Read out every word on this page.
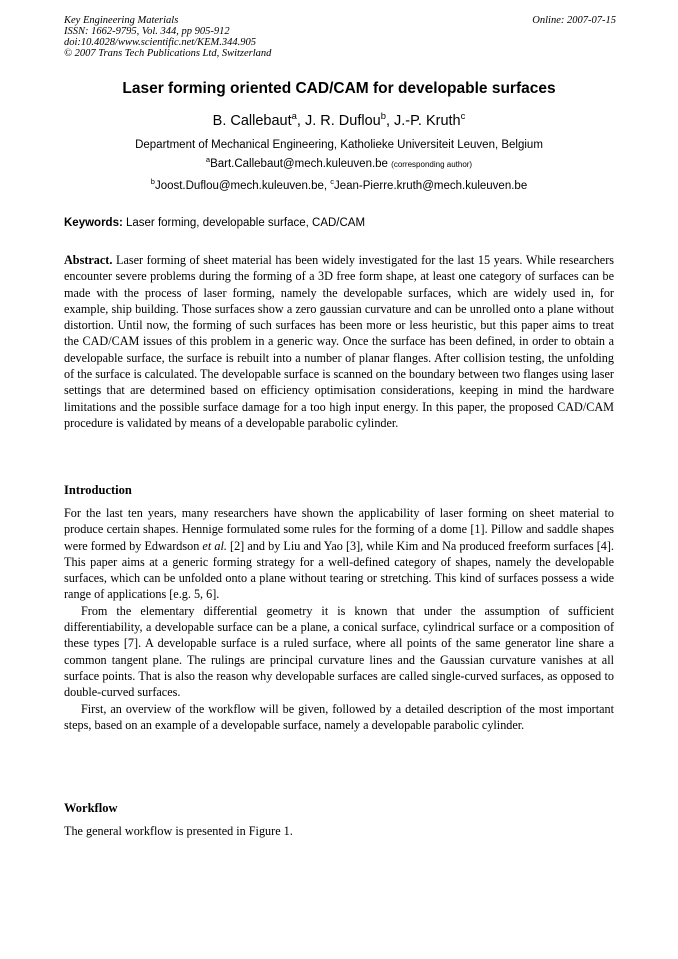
Key Engineering Materials
ISSN: 1662-9795, Vol. 344, pp 905-912
doi:10.4028/www.scientific.net/KEM.344.905
© 2007 Trans Tech Publications Ltd, Switzerland
Online: 2007-07-15
Laser forming oriented CAD/CAM for developable surfaces
B. Callebaut$^a$, J. R. Duflou$^b$, J.-P. Kruth$^c$
Department of Mechanical Engineering, Katholieke Universiteit Leuven, Belgium
$^a$Bart.Callebaut@mech.kuleuven.be (corresponding author)
$^b$Joost.Duflou@mech.kuleuven.be, $^c$Jean-Pierre.kruth@mech.kuleuven.be
Keywords: Laser forming, developable surface, CAD/CAM
Abstract. Laser forming of sheet material has been widely investigated for the last 15 years. While researchers encounter severe problems during the forming of a 3D free form shape, at least one category of surfaces can be made with the process of laser forming, namely the developable surfaces, which are widely used in, for example, ship building. Those surfaces show a zero gaussian curvature and can be unrolled onto a plane without distortion. Until now, the forming of such surfaces has been more or less heuristic, but this paper aims to treat the CAD/CAM issues of this problem in a generic way. Once the surface has been defined, in order to obtain a developable surface, the surface is rebuilt into a number of planar flanges. After collision testing, the unfolding of the surface is calculated. The developable surface is scanned on the boundary between two flanges using laser settings that are determined based on efficiency optimisation considerations, keeping in mind the hardware limitations and the possible surface damage for a too high input energy. In this paper, the proposed CAD/CAM procedure is validated by means of a developable parabolic cylinder.
Introduction

For the last ten years, many researchers have shown the applicability of laser forming on sheet material to produce certain shapes. Hennige formulated some rules for the forming of a dome [1]. Pillow and saddle shapes were formed by Edwardson et al. [2] and by Liu and Yao [3], while Kim and Na produced freeform surfaces [4]. This paper aims at a generic forming strategy for a well-defined category of shapes, namely the developable surfaces, which can be unfolded onto a plane without tearing or stretching. This kind of surfaces possess a wide range of applications [e.g. 5, 6].

From the elementary differential geometry it is known that under the assumption of sufficient differentiability, a developable surface can be a plane, a conical surface, cylindrical surface or a composition of these types [7]. A developable surface is a ruled surface, where all points of the same generator line share a common tangent plane. The rulings are principal curvature lines and the Gaussian curvature vanishes at all surface points. That is also the reason why developable surfaces are called single-curved surfaces, as opposed to double-curved surfaces.

First, an overview of the workflow will be given, followed by a detailed description of the most important steps, based on an example of a developable surface, namely a developable parabolic cylinder.

Workflow
The general workflow is presented in Figure 1.
